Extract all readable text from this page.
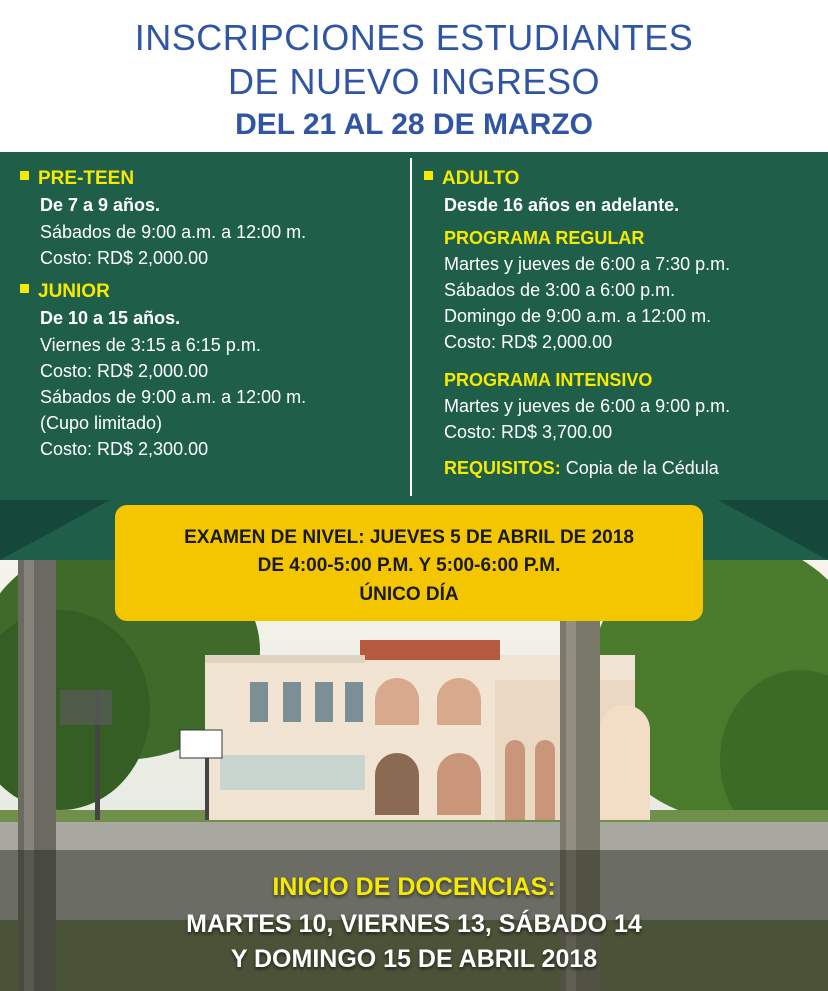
INSCRIPCIONES ESTUDIANTES
DE NUEVO INGRESO
DEL 21 AL 28 DE MARZO
PRE-TEEN
De 7 a 9 años.
Sábados de 9:00 a.m. a 12:00 m.
Costo: RD$ 2,000.00
JUNIOR
De 10 a 15 años.
Viernes de 3:15 a 6:15 p.m.
Costo: RD$ 2,000.00
Sábados de 9:00 a.m. a 12:00 m.
(Cupo limitado)
Costo: RD$ 2,300.00
ADULTO
Desde 16 años en adelante.
PROGRAMA REGULAR
Martes y jueves de 6:00 a 7:30 p.m.
Sábados de 3:00 a 6:00 p.m.
Domingo de 9:00 a.m. a 12:00 m.
Costo: RD$ 2,000.00
PROGRAMA INTENSIVO
Martes y jueves de 6:00 a 9:00 p.m.
Costo: RD$ 3,700.00
REQUISITOS: Copia de la Cédula
EXAMEN DE NIVEL: JUEVES 5 DE ABRIL DE 2018
DE 4:00-5:00 P.M. Y 5:00-6:00 P.M.
ÚNICO DÍA
INICIO DE DOCENCIAS:
MARTES 10, VIERNES 13, SÁBADO 14
Y DOMINGO 15 DE ABRIL 2018
